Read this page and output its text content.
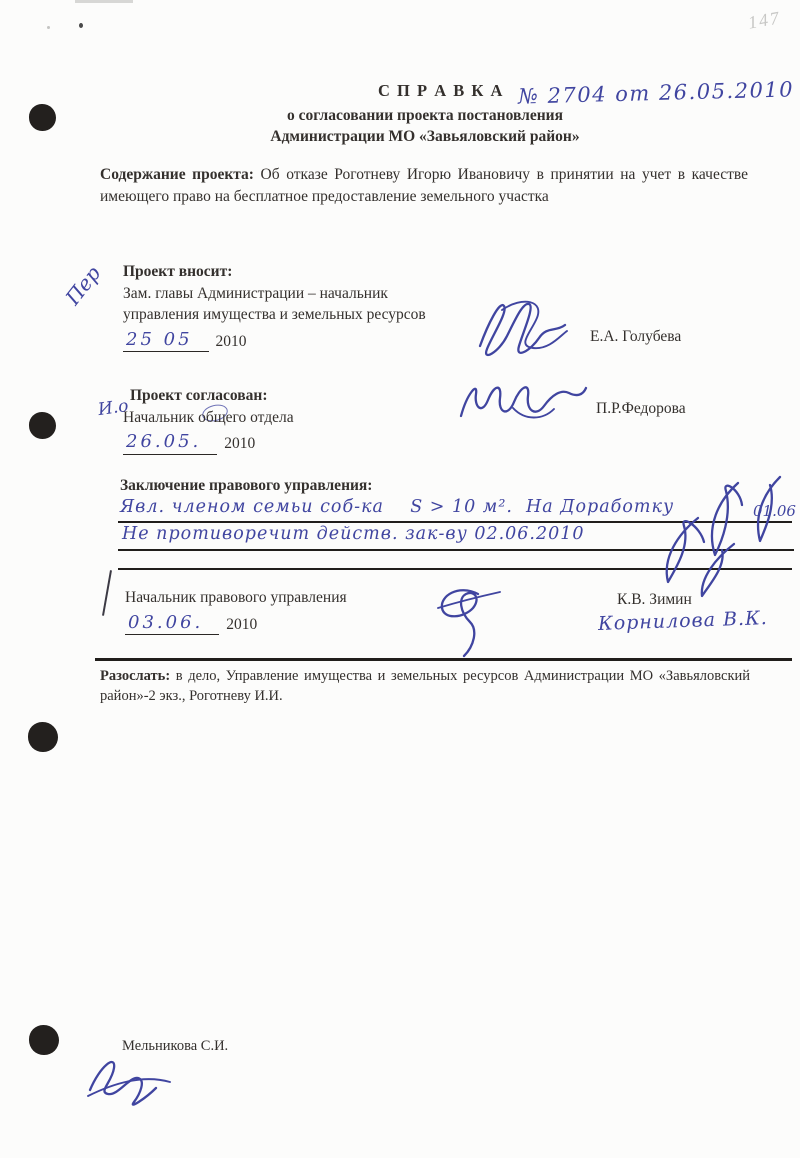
147
С П Р А В К А № 2704 от 26.05.2010
о согласовании проекта постановления
Администрации МО «Завьяловский район»
Содержание проекта: Об отказе Роготневу Игорю Ивановичу в принятии на учет в качестве имеющего право на бесплатное предоставление земельного участка
Пер Проект вносит:
Зам. главы Администрации – начальник
управления имущества и земельных ресурсов
25 05	2010	Е.А. Голубева
И.о
Проект согласован:
Начальник общего отдела
26.05.	2010
П.Р.Федорова
Заключение правового управления:
Явл. членом семьи соб-ка    S > 10 м².  На Доработку	01.06
Не противоречит действ. зак-ву 02.06.2010
Начальник правового управления
03.06.	2010
К.В. Зимин
Корнилова В.К.
Разослать: в дело, Управление имущества и земельных ресурсов Администрации МО «Завьяловский район»-2 экз., Роготневу И.И.
Мельникова С.И.
